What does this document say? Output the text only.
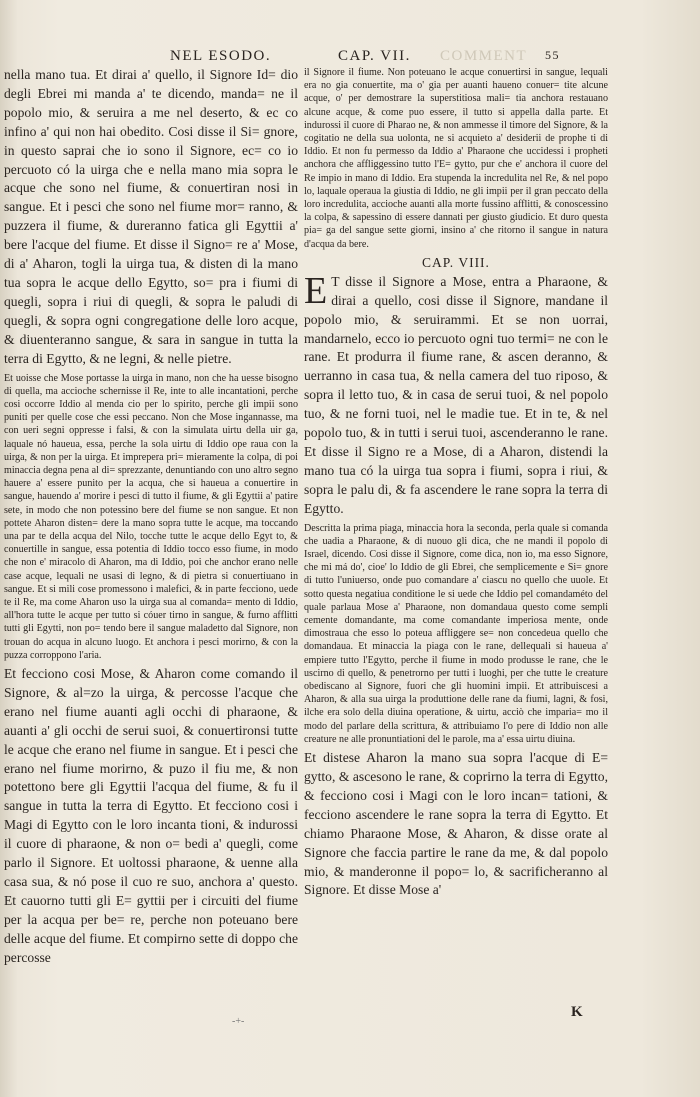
NEL ESODO.	CAP. VII. COMMENT 55

nella mano tua. Et dirai a' quello, il Signore Id= dio degli Ebrei mi manda a' te dicendo, manda= ne il popolo mio, & seruira a me nel deserto, & ec co infino a' qui non hai obedito. Cosi disse il Si= gnore, in questo saprai che io sono il Signore, ec= co io percuoto có la uirga che e nella mano mia sopra le acque che sono nel fiume, & conuertiran nosi in sangue. Et i pesci che sono nel fiume mor= ranno, & puzzera il fiume, & dureranno fatica gli Egyttii a' bere l'acque del fiume. Et disse il Signo= re a' Mose, di a' Aharon, togli la uirga tua, & disten di la mano tua sopra le acque dello Egytto, so= pra i fiumi di quegli, sopra i riui di quegli, & sopra le paludi di quegli, & sopra ogni congregatione delle loro acque, & diuenteranno sangue, & sara in sangue in tutta la terra di Egytto, & ne legni, & nelle pietre.

Et uoisse che Mose portasse la uirga in mano, non che ha uesse bisogno di quella, ma accioche schernisse il Re, inte to alle incantationi, perche cosi occorre Iddio al menda cio per lo spirito, perche gli impii sono puniti per quelle cose che essi peccano. Non che Mose ingannasse, ma con ueri segni oppresse i falsi, & con la simulata uirtu della uir ga, laquale nó haueua, essa, perche la sola uirtu di Iddio ope raua con la uirga, & non per la uirga. Et imprepera pri= mieramente la colpa, di poi minaccia degna pena al di= sprezzante, denuntiando con uno altro segno hauere a' essere punito per la acqua, che si haueua a conuertire in sangue, hauendo a' morire i pesci di tutto il fiume, & gli Egyttii a' patire sete, in modo che non potessino bere del fiume se non sangue. Et non pottete Aharon disten= dere la mano sopra tutte le acque, ma toccando una par te della acqua del Nilo, tocche tutte le acque dello Egyt to, & conuertille in sangue, essa potentia di Iddio tocco esso fiume, in modo che non e' miracolo di Aharon, ma di Iddio, poi che anchor erano nelle case acque, lequali ne usasi di legno, & di pietra si conuertiuano in sangue. Et si mili cose promessono i malefici, & in parte fecciono, uede te il Re, ma come Aharon uso la uirga sua al comanda= mento di Iddio, all'hora tutte le acque per tutto si cóuer tirno in sangue, & furno afflitti tutti gli Egytti, non po= tendo bere il sangue maladetto dal Signore, non trouan do acqua in alcuno luogo. Et anchora i pesci morirno, & con la puzza corroppono l'aria.

Et fecciono cosi Mose, & Aharon come comando il Signore, & al=zo la uirga, & percosse l'acque che erano nel fiume auanti agli occhi di pharaone, & auanti a' gli occhi de serui suoi, & conuertironsi tutte le acque che erano nel fiume in sangue. Et i pesci che erano nel fiume morirno, & puzo il fiu me, & non potettono bere gli Egyttii l'acqua del fiume, & fu il sangue in tutta la terra di Egytto. Et fecciono cosi i Magi di Egytto con le loro incanta tioni, & indurossi il cuore di pharaone, & non o= bedi a' quegli, come parlo il Signore. Et uoltossi pharaone, & uenne alla casa sua, & nó pose il cuo re suo, anchora a' questo. Et cauorno tutti gli E= gyttii per i circuiti del fiume per la acqua per be= re, perche non poteuano bere delle acque del fiume. Et compirno sette di doppo che percosse

il Signore il fiume. Non poteuano le acque conuertirsi in sangue, lequali era no gia conuertite, ma o' gia per auanti haueno conuer= tite alcune acque, o' per demostrare la superstitiosa mali= tia anchora restauano alcune acque, & come puo essere, il tutto si appella dalla parte. Et indurossi il cuore di Pharao ne, & non ammesse il timore del Signore, & la cogitatio ne della sua uolonta, ne si acquieto a' desiderii de prophe ti di Iddio. Et non fu permesso da Iddio a' Pharaone che uccidessi i propheti anchora che affliggessino tutto l'E= gytto, pur che e' anchora il cuore del Re impio in mano di Iddio. Era stupenda la incredulita nel Re, & nel popo lo, laquale operaua la giustia di Iddio, ne gli impii per il gran peccato della loro incredulita, accioche auanti alla morte fussino afflitti, & conoscessino la colpa, & sapessino di essere dannati per giusto giudicio. Et duro questa pia= ga del sangue sette giorni, insino a' che ritorno il sangue in natura d'acqua da bere.

CAP. VIII.

E T disse il Signore a Mose, entra a Pharaone, & dirai a quello, cosi disse il Signore, mandane il popolo mio, & seruirammi. Et se non uorrai, mandarnelo, ecco io percuoto ogni tuo termi= ne con le rane. Et produrra il fiume rane, & ascen deranno, & uerranno in casa tua, & nella camera del tuo riposo, & sopra il letto tuo, & in casa de serui tuoi, & nel popolo tuo, & ne forni tuoi, nel le madie tue. Et in te, & nel popolo tuo, & in tutti i serui tuoi, ascenderanno le rane. Et disse il Signo re a Mose, di a Aharon, distendi la mano tua có la uirga tua sopra i fiumi, sopra i riui, & sopra le palu di, & fa ascendere le rane sopra la terra di Egytto.

Descritta la prima piaga, minaccia hora la seconda, perla quale si comanda che uadia a Pharaone, & di nuouo gli dica, che ne mandi il popolo di Israel, dicendo. Cosi disse il Signore, come dica, non io, ma esso Signore, che mi má do', cioe' lo Iddio de gli Ebrei, che semplicemente e Si= gnore di tutto l'uniuerso, onde puo comandare a' ciascu no quello che uuole. Et sotto questa negatiua conditione le si uede che Iddio pel comandaméto del quale parlaua Mose a' Pharaone, non domandaua questo come sempli cemente domandante, ma come comandante imperiosa mente, onde dimostraua che esso lo poteua affliggere se= non concedeua quello che domandaua. Et minaccia la piaga con le rane, dellequali si haueua a' empiere tutto l'Egytto, perche il fiume in modo produsse le rane, che le uscirno di quello, & penetrorno per tutti i luoghi, per che tutte le creature obediscano al Signore, fuori che gli huomini impii. Et attribuiscesi a Aharon, & alla sua uirga la produttione delle rane da fiumi, lagni, & fosi, ilche era solo della diuina operatione, & uirtu, acciò che imparia= mo il modo del parlare della scrittura, & attribuiamo l'o pere di Iddio non alle creature ne alle pronuntiationi del le parole, ma a' essa uirtu diuina.

Et distese Aharon la mano sua sopra l'acque di E= gytto, & ascesono le rane, & coprirno la terra di Egytto, & fecciono cosi i Magi con le loro incan= tationi, & fecciono ascendere le rane sopra la terra di Egytto. Et chiamo Pharaone Mose, & Aharon, & disse orate al Signore che faccia partire le rane da me, & dal popolo mio, & manderonne il popo= lo, & sacrificheranno al Signore. Et disse Mose a'

K
-+-
